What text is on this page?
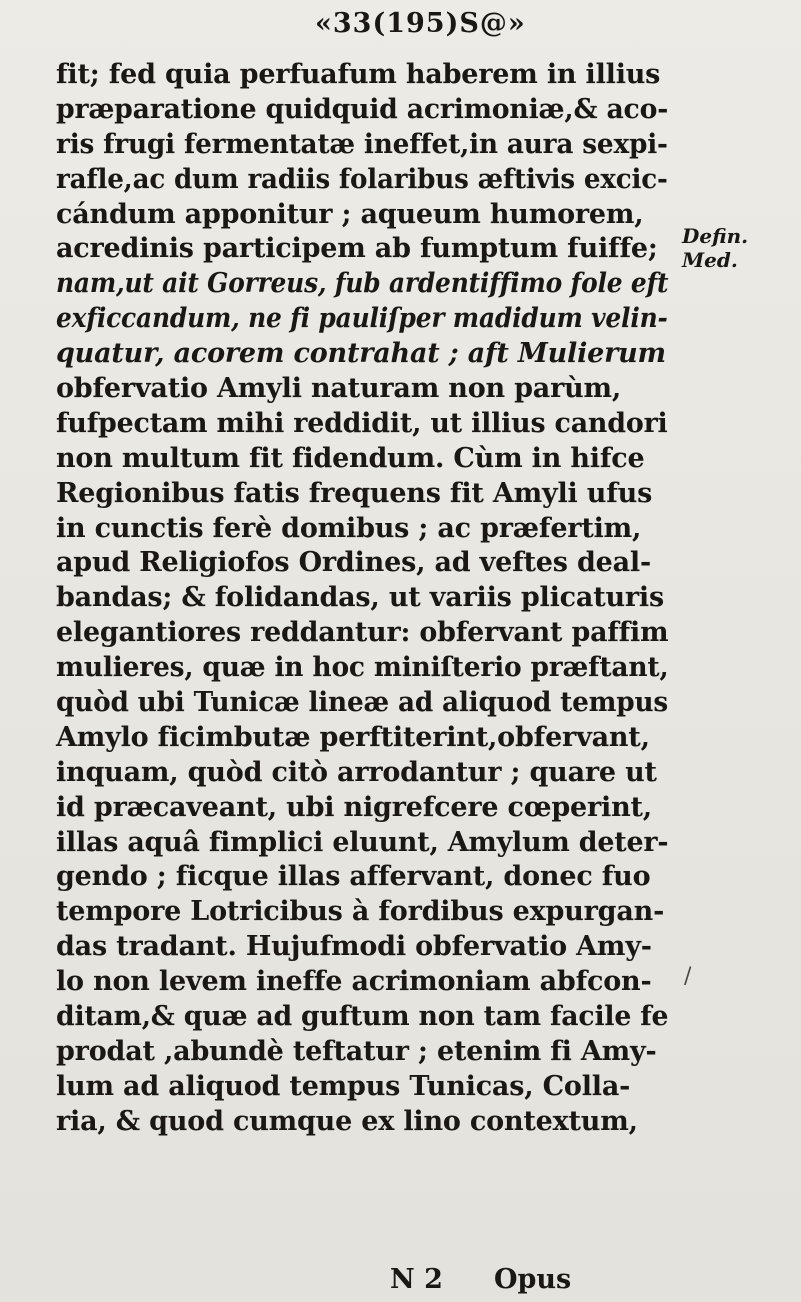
«33(195)S@»
fit; fed quia perfuafum haberem in illius
præparatione quidquid acrimoniæ,& aco-
ris frugi fermentatæ ineffet,in aura sexpi-
rafle,ac dum radiis folaribus æftivis excic-
cándum apponitur ; aqueum humorem,
acredinis participem ab fumptum fuiffe;
nam,ut ait Gorreus, fub ardentiffimo fole eft
exficcandum, ne fi pauliſper madidum velin-
quatur, acorem contrahat ; aft Mulierum
obfervatio Amyli naturam non parùm,
fufpectam mihi reddidit, ut illius candori
non multum fit fidendum. Cùm in hifce
Regionibus fatis frequens fit Amyli ufus
in cunctis ferè domibus ; ac præfertim,
apud Religiofos Ordines, ad veftes deal-
bandas; & folidandas, ut variis plicaturis
elegantiores reddantur: obfervant paffim
mulieres, quæ in hoc miniſterio præftant,
quòd ubi Tunicæ lineæ ad aliquod tempus
Amylo ficimbutæ perftiterint,obfervant,
inquam, quòd citò arrodantur ; quare ut
id præcaveant, ubi nigrefcere cœperint,
illas aquâ fimplici eluunt, Amylum deter-
gendo ; ficque illas affervant, donec fuo
tempore Lotricibus à fordibus expurgan-
das tradant. Hujufmodi obfervatio Amy-
lo non levem ineffe acrimoniam abfcon-
ditam,& quæ ad guftum non tam facile fe
prodat ,abundè teftatur ; etenim fi Amy-
lum ad aliquod tempus Tunicas, Colla-
ria, & quod cumque ex lino contextum,
Defin.
Med.
/
N 2 Opus
